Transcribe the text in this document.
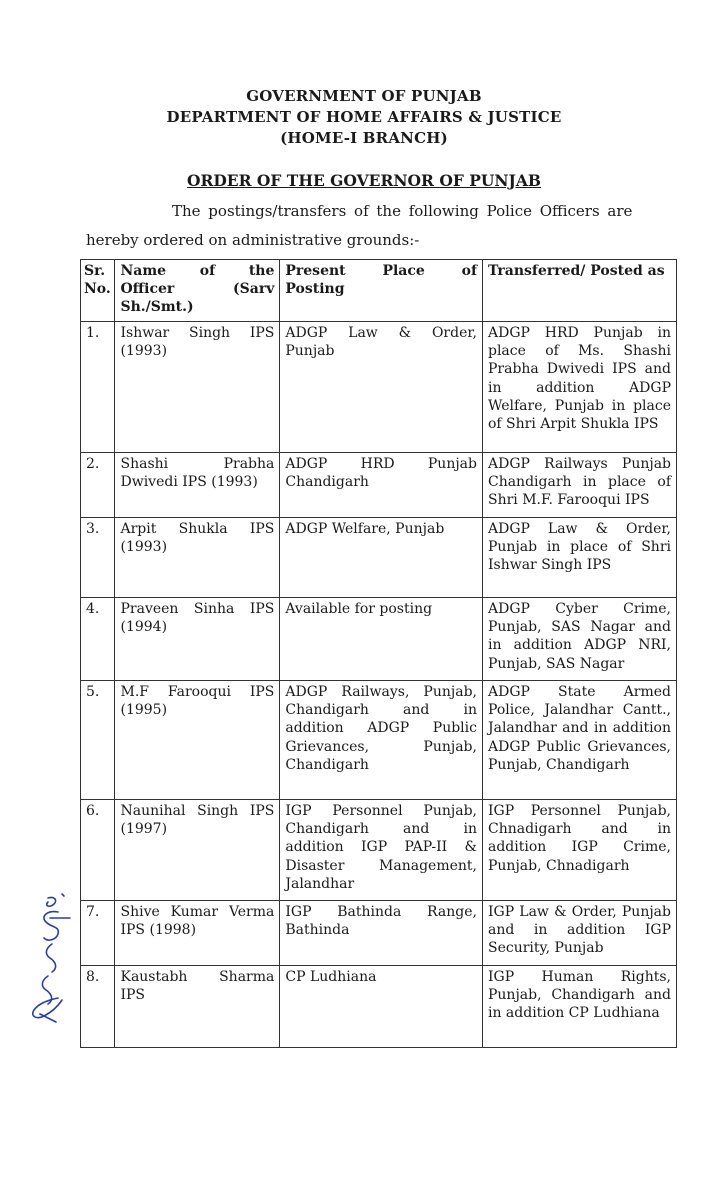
GOVERNMENT OF PUNJAB
DEPARTMENT OF HOME AFFAIRS & JUSTICE
(HOME-I BRANCH)
ORDER OF THE GOVERNOR OF PUNJAB
The postings/transfers of the following Police Officers are
hereby ordered on administrative grounds:-
Sr. No.	Name of the Officer (Sarv Sh./Smt.)	Present Place of Posting	Transferred/ Posted as
1.	Ishwar Singh IPS (1993)	ADGP Law & Order, Punjab	ADGP HRD Punjab in place of Ms. Shashi Prabha Dwivedi IPS and in addition ADGP Welfare, Punjab in place of Shri Arpit Shukla IPS
2.	Shashi Prabha Dwivedi IPS (1993)	ADGP HRD Punjab Chandigarh	ADGP Railways Punjab Chandigarh in place of Shri M.F. Farooqui IPS
3.	Arpit Shukla IPS (1993)	ADGP Welfare, Punjab	ADGP Law & Order, Punjab in place of Shri Ishwar Singh IPS
4.	Praveen Sinha IPS (1994)	Available for posting	ADGP Cyber Crime, Punjab, SAS Nagar and in addition ADGP NRI, Punjab, SAS Nagar
5.	M.F Farooqui IPS (1995)	ADGP Railways, Punjab, Chandigarh and in addition ADGP Public Grievances, Punjab, Chandigarh	ADGP State Armed Police, Jalandhar Cantt., Jalandhar and in addition ADGP Public Grievances, Punjab, Chandigarh
6.	Naunihal Singh IPS (1997)	IGP Personnel Punjab, Chandigarh and in addition IGP PAP-II & Disaster Management, Jalandhar	IGP Personnel Punjab, Chnadigarh and in addition IGP Crime, Punjab, Chnadigarh
7.	Shive Kumar Verma IPS (1998)	IGP Bathinda Range, Bathinda	IGP Law & Order, Punjab and in addition IGP Security, Punjab
8.	Kaustabh Sharma IPS	CP Ludhiana	IGP Human Rights, Punjab, Chandigarh and in addition CP Ludhiana
